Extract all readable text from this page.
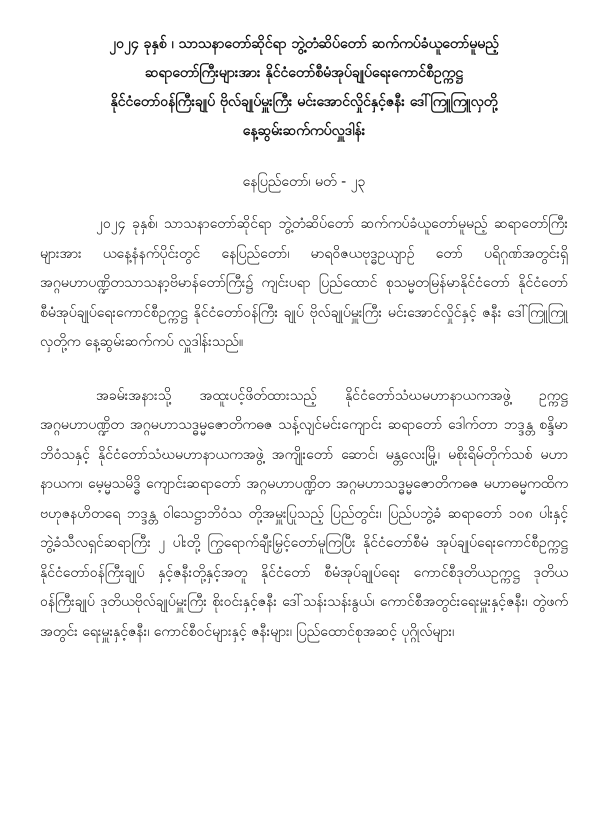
၂၀၂၄ ခုနှစ် ၊ သာသနာတော်ဆိုင်ရာ ဘွဲ့တံဆိပ်တော် ဆက်ကပ်ခံယူတော်မူမည့်
ဆရာတော်ကြီးများအား နိုင်ငံတော်စီမံအုပ်ချုပ်ရေးကောင်စီဥက္ကဋ္ဌ
နိုင်ငံတော်ဝန်ကြီးချုပ် ဗိုလ်ချုပ်မှူးကြီး မင်းအောင်လှိုင်နှင့်ဇနီး ဒေါ်ကြူကြူလှတို့
နေ့ဆွမ်းဆက်ကပ်လှူဒါန်း
နေပြည်တော်၊ မတ် - ၂၃

၂၀၂၄ ခုနှစ်၊ သာသနာတော်ဆိုင်ရာ ဘွဲ့တံဆိပ်တော် ဆက်ကပ်ခံယူတော်မူမည့် ဆရာတော်ကြီးများအား ယနေ့နံနက်ပိုင်းတွင် နေပြည်တော်၊ မာရဝိဇယဗုဒ္ဓဥယျာဉ် တော် ပရိဂုဏ်အတွင်းရှိ အဂ္ဂမဟာပဏ္ဍိတသာသနာ့ဗိမာန်တော်ကြီး၌ ကျင်းပရာ ပြည်ထောင် စုသမ္မတမြန်မာနိုင်ငံတော် နိုင်ငံတော်စီမံအုပ်ချုပ်ရေးကောင်စီဥက္ကဋ္ဌ နိုင်ငံတော်ဝန်ကြီး ချုပ် ဗိုလ်ချုပ်မှူးကြီး မင်းအောင်လှိုင်နှင့် ဇနီး ဒေါ်ကြူကြူလှတို့က နေ့ဆွမ်းဆက်ကပ် လှူဒါန်းသည်။

အခမ်းအနားသို့ အထူးပင့်ဖိတ်ထားသည့် နိုင်ငံတော်သံဃမဟာနာယကအဖွဲ့ ဥက္ကဋ္ဌ အဂ္ဂမဟာပဏ္ဍိတ အဂ္ဂမဟာသဒ္ဓမ္မဇောတိကဓဇ သန့်လျင်မင်းကျောင်း ဆရာတော် ဒေါက်တာ ဘဒ္ဒန္တ စန္ဒိမာဘိဝံသနှင့် နိုင်ငံတော်သံဃမဟာနာယကအဖွဲ့ အကျိုးတော် ဆောင်၊ မန္တလေးမြို့၊ မစိုးရိမ်တိုက်သစ် မဟာနာယက၊ မေ့မ္မသမိဒ္ဓိ ကျောင်းဆရာတော် အဂ္ဂမဟာပဏ္ဍိတ အဂ္ဂမဟာသဒ္ဓမ္မဇောတိကဓဇ မဟာဓမ္မကထိက ဗဟုဇနဟိတရေ ဘဒ္ဒန္တ ဝါသေဋ္ဌာဘိဝံသ တို့အမှူးပြုသည့် ပြည်တွင်း၊ ပြည်ပဘွဲ့ခံ ဆရာတော် ၁၀၈ ပါးနှင့် ဘွဲ့ခံသီလရှင်ဆရာကြီး ၂ ပါးတို့ ကြွရောက်ချီးမြှင့်တော်မူကြပြီး နိုင်ငံတော်စီမံ အုပ်ချုပ်ရေးကောင်စီဥက္ကဋ္ဌ နိုင်ငံတော်ဝန်ကြီးချုပ် နှင့်ဇနီးတို့နှင့်အတူ နိုင်ငံတော် စီမံအုပ်ချုပ်ရေး ကောင်စီဒုတိယဥက္ကဋ္ဌ ဒုတိယဝန်ကြီးချုပ် ဒုတိယဗိုလ်ချုပ်မှူးကြီး စိုးဝင်းနှင့်ဇနီး ဒေါ်သန်းသန်းနွယ်၊ ကောင်စီအတွင်းရေးမှူးနှင့်ဇနီး၊ တွဲဖက်အတွင်း ရေးမှူးနှင့်ဇနီး၊ ကောင်စီဝင်များနှင့် ဇနီးများ၊ ပြည်ထောင်စုအဆင့် ပုဂ္ဂိုလ်များ၊
